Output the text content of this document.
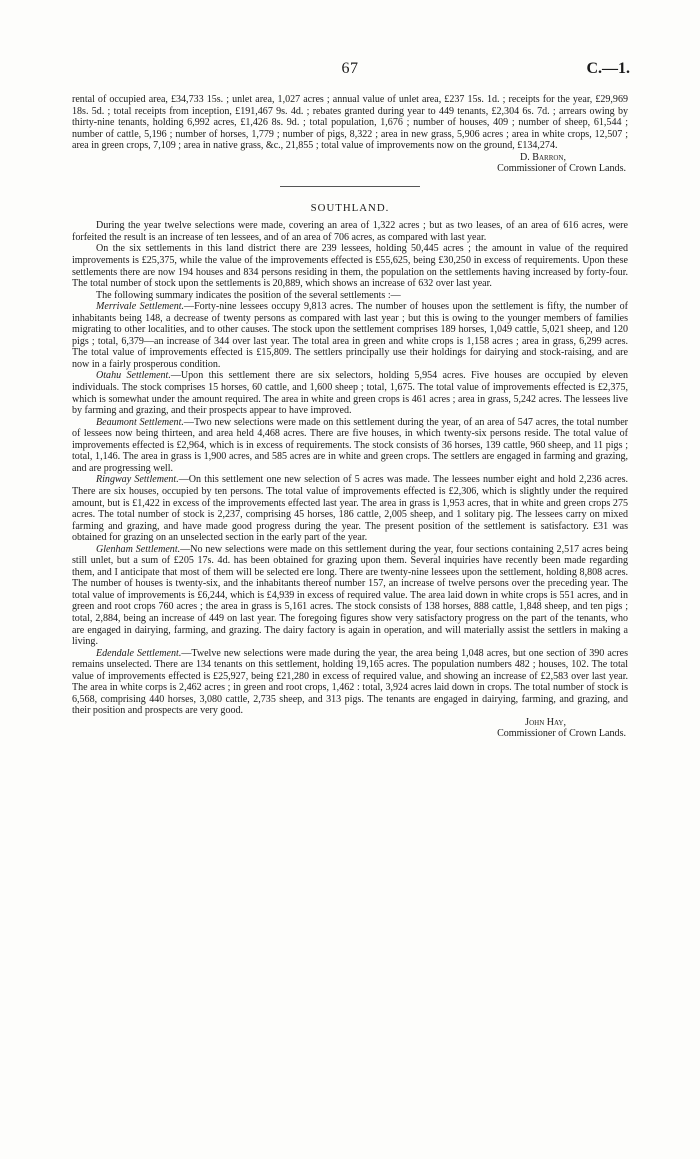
67	C.—1.

rental of occupied area, £34,733 15s. ; unlet area, 1,027 acres ; annual value of unlet area, £237 15s. 1d. ; receipts for the year, £29,969 18s. 5d. ; total receipts from inception, £191,467 9s. 4d. ; rebates granted during year to 449 tenants, £2,304 6s. 7d. ; arrears owing by thirty-nine tenants, holding 6,992 acres, £1,426 8s. 9d. ; total population, 1,676 ; number of houses, 409 ; number of sheep, 61,544 ; number of cattle, 5,196 ; number of horses, 1,779 ; number of pigs, 8,322 ; area in new grass, 5,906 acres ; area in white crops, 12,507 ; area in green crops, 7,109 ; area in native grass, &c., 21,855 ; total value of improvements now on the ground, £134,274.

D. Barron,

Commissioner of Crown Lands.

SOUTHLAND.

During the year twelve selections were made, covering an area of 1,322 acres ; but as two leases, of an area of 616 acres, were forfeited the result is an increase of ten lessees, and of an area of 706 acres, as compared with last year.

On the six settlements in this land district there are 239 lessees, holding 50,445 acres ; the amount in value of the required improvements is £25,375, while the value of the improvements effected is £55,625, being £30,250 in excess of requirements. Upon these settlements there are now 194 houses and 834 persons residing in them, the population on the settlements having increased by forty-four. The total number of stock upon the settlements is 20,889, which shows an increase of 632 over last year.

The following summary indicates the position of the several settlements :—

Merrivale Settlement.—Forty-nine lessees occupy 9,813 acres. The number of houses upon the settlement is fifty, the number of inhabitants being 148, a decrease of twenty persons as compared with last year ; but this is owing to the younger members of families migrating to other localities, and to other causes. The stock upon the settlement comprises 189 horses, 1,049 cattle, 5,021 sheep, and 120 pigs ; total, 6,379—an increase of 344 over last year. The total area in green and white crops is 1,158 acres ; area in grass, 6,299 acres. The total value of improvements effected is £15,809. The settlers principally use their holdings for dairying and stock-raising, and are now in a fairly prosperous condition.

Otahu Settlement.—Upon this settlement there are six selectors, holding 5,954 acres. Five houses are occupied by eleven individuals. The stock comprises 15 horses, 60 cattle, and 1,600 sheep ; total, 1,675. The total value of improvements effected is £2,375, which is somewhat under the amount required. The area in white and green crops is 461 acres ; area in grass, 5,242 acres. The lessees live by farming and grazing, and their prospects appear to have improved.

Beaumont Settlement.—Two new selections were made on this settlement during the year, of an area of 547 acres, the total number of lessees now being thirteen, and area held 4,468 acres. There are five houses, in which twenty-six persons reside. The total value of improvements effected is £2,964, which is in excess of requirements. The stock consists of 36 horses, 139 cattle, 960 sheep, and 11 pigs ; total, 1,146. The area in grass is 1,900 acres, and 585 acres are in white and green crops. The settlers are engaged in farming and grazing, and are progressing well.

Ringway Settlement.—On this settlement one new selection of 5 acres was made. The lessees number eight and hold 2,236 acres. There are six houses, occupied by ten persons. The total value of improvements effected is £2,306, which is slightly under the required amount, but is £1,422 in excess of the improvements effected last year. The area in grass is 1,953 acres, that in white and green crops 275 acres. The total number of stock is 2,237, comprising 45 horses, 186 cattle, 2,005 sheep, and 1 solitary pig. The lessees carry on mixed farming and grazing, and have made good progress during the year. The present position of the settlement is satisfactory. £31 was obtained for grazing on an unselected section in the early part of the year.

Glenham Settlement.—No new selections were made on this settlement during the year, four sections containing 2,517 acres being still unlet, but a sum of £205 17s. 4d. has been obtained for grazing upon them. Several inquiries have recently been made regarding them, and I anticipate that most of them will be selected ere long. There are twenty-nine lessees upon the settlement, holding 8,808 acres. The number of houses is twenty-six, and the inhabitants thereof number 157, an increase of twelve persons over the preceding year. The total value of improvements is £6,244, which is £4,939 in excess of required value. The area laid down in white crops is 551 acres, and in green and root crops 760 acres ; the area in grass is 5,161 acres. The stock consists of 138 horses, 888 cattle, 1,848 sheep, and ten pigs ; total, 2,884, being an increase of 449 on last year. The foregoing figures show very satisfactory progress on the part of the tenants, who are engaged in dairying, farming, and grazing. The dairy factory is again in operation, and will materially assist the settlers in making a living.

Edendale Settlement.—Twelve new selections were made during the year, the area being 1,048 acres, but one section of 390 acres remains unselected. There are 134 tenants on this settlement, holding 19,165 acres. The population numbers 482 ; houses, 102. The total value of improvements effected is £25,927, being £21,280 in excess of required value, and showing an increase of £2,583 over last year. The area in white corps is 2,462 acres ; in green and root crops, 1,462 : total, 3,924 acres laid down in crops. The total number of stock is 6,568, comprising 440 horses, 3,080 cattle, 2,735 sheep, and 313 pigs. The tenants are engaged in dairying, farming, and grazing, and their position and prospects are very good.

John Hay,

Commissioner of Crown Lands.
